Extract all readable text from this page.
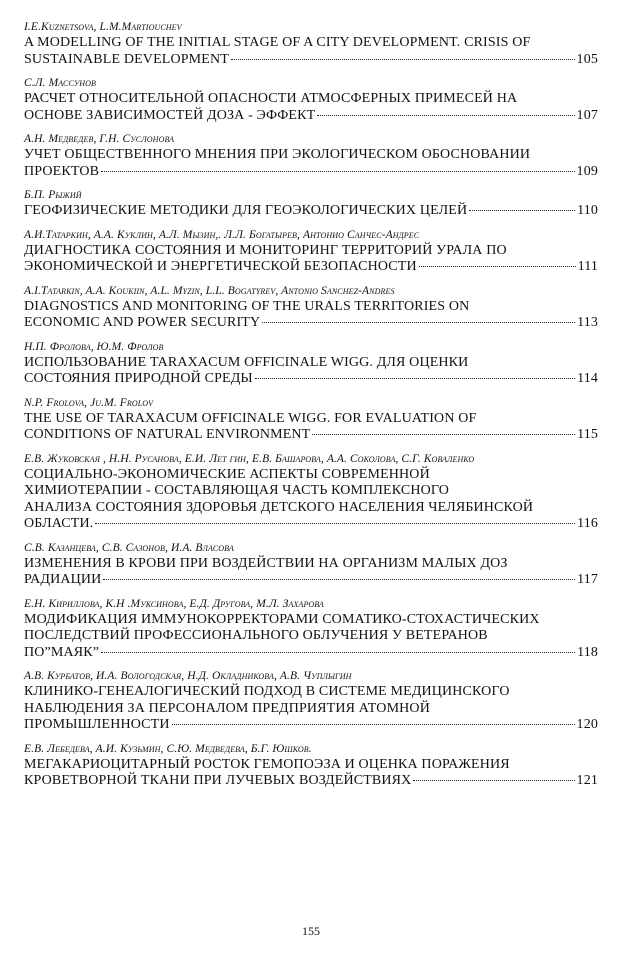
I.E.Kuznetsova, L.M.Martiouchev
A MODELLING OF THE INITIAL STAGE OF A CITY DEVELOPMENT. CRISIS OF
SUSTAINABLE DEVELOPMENT	105
С.Л. Массунов
РАСЧЕТ ОТНОСИТЕЛЬНОЙ ОПАСНОСТИ АТМОСФЕРНЫХ ПРИМЕСЕЙ НА
ОСНОВЕ ЗАВИСИМОСТЕЙ ДОЗА - ЭФФЕКТ	107
А.Н. Медведев, Г.Н. Суслонова
УЧЕТ ОБЩЕСТВЕННОГО МНЕНИЯ ПРИ ЭКОЛОГИЧЕСКОМ ОБОСНОВАНИИ
ПРОЕКТОВ	109
Б.П. Рыжий
ГЕОФИЗИЧЕСКИЕ МЕТОДИКИ ДЛЯ ГЕОЭКОЛОГИЧЕСКИХ ЦЕЛЕЙ	110
А.И.Татаркин, А.А. Куклин, А.Л. Мызин,. Л.Л. Богатырев, Антонио Санчес-Андрес
ДИАГНОСТИКА СОСТОЯНИЯ И МОНИТОРИНГ ТЕРРИТОРИЙ УРАЛА ПО
ЭКОНОМИЧЕСКОЙ И ЭНЕРГЕТИЧЕСКОЙ БЕЗОПАСНОСТИ	111
A.I.Tatarkin, A.A. Koukiin, A.L. Myzin, L.L. Bogatyrev, Antonio Sanchez-Andres
DIAGNOSTICS AND MONITORING OF THE URALS TERRITORIES ON
ECONOMIC AND POWER SECURITY	113
Н.П. Фролова, Ю.М. Фролов
ИСПОЛЬЗОВАНИЕ TARAXACUM OFFICINALE WIGG. ДЛЯ ОЦЕНКИ
СОСТОЯНИЯ ПРИРОДНОЙ СРЕДЫ	114
N.P. Frolova, Ju.M. Frolov
THE USE OF TARAXACUM OFFICINALE WIGG. FOR EVALUATION OF
CONDITIONS OF NATURAL ENVIRONMENT	115
Е.В. Жуковская , Н.Н. Русанова, Е.И. Лет гин, Е.В. Башарова, А.А. Соколова, С.Г. Коваленко
СОЦИАЛЬНО-ЭКОНОМИЧЕСКИЕ АСПЕКТЫ СОВРЕМЕННОЙ
ХИМИОТЕРАПИИ - СОСТАВЛЯЮЩАЯ ЧАСТЬ КОМПЛЕКСНОГО
АНАЛИЗА СОСТОЯНИЯ ЗДОРОВЬЯ ДЕТСКОГО НАСЕЛЕНИЯ ЧЕЛЯБИНСКОЙ
ОБЛАСТИ.	116
С.В. Казанцева, С.В. Сазонов, И.А. Власова
ИЗМЕНЕНИЯ В КРОВИ ПРИ ВОЗДЕЙСТВИИ НА ОРГАНИЗМ МАЛЫХ ДОЗ
РАДИАЦИИ	117
Е.Н. Кириллова, К.Н .Муксинова, Е.Д. Другова, М.Л. Захарова
МОДИФИКАЦИЯ ИММУНОКОРРЕКТОРАМИ СОМАТИКО-СТОХАСТИЧЕСКИХ
ПОСЛЕДСТВИЙ ПРОФЕССИОНАЛЬНОГО ОБЛУЧЕНИЯ У ВЕТЕРАНОВ
ПО”МАЯК”	118
А.В. Курбатов, И.А. Вологодская, Н.Д. Окладникова, А.В. Чуплыгин
КЛИНИКО-ГЕНЕАЛОГИЧЕСКИЙ ПОДХОД В СИСТЕМЕ МЕДИЦИНСКОГО
НАБЛЮДЕНИЯ ЗА ПЕРСОНАЛОМ ПРЕДПРИЯТИЯ АТОМНОЙ
ПРОМЫШЛЕННОСТИ	120
Е.В. Лебедева, А.И. Кузьмин, С.Ю. Медведева, Б.Г. Юшков.
МЕГАКАРИОЦИТАРНЫЙ РОСТОК ГЕМОПОЭЗА И ОЦЕНКА ПОРАЖЕНИЯ
КРОВЕТВОРНОЙ ТКАНИ ПРИ ЛУЧЕВЫХ ВОЗДЕЙСТВИЯХ	121
155
